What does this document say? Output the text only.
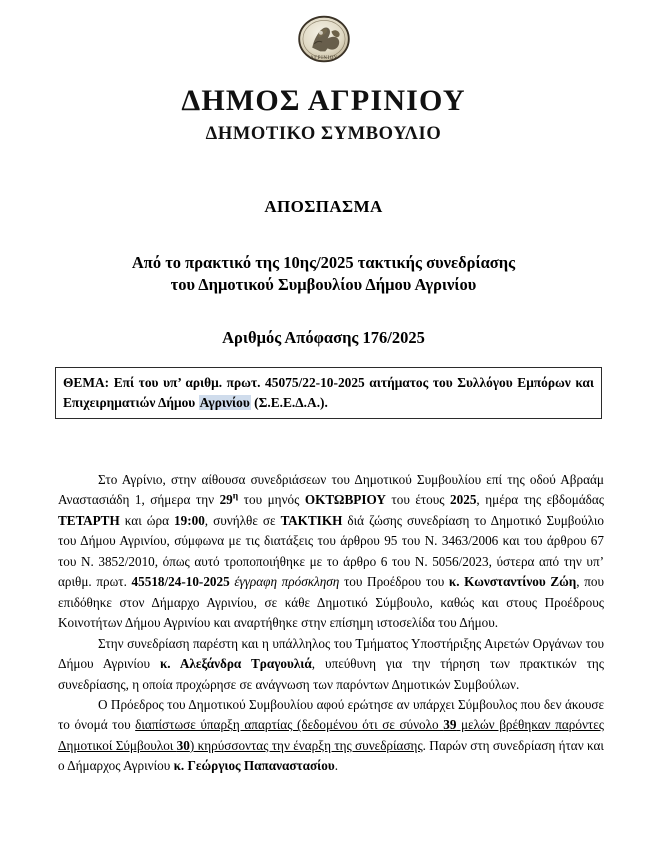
ΑΓΡΙΝΙΟΥ
ΔΗΜΟΣ ΑΓΡΙΝΙΟΥ
ΔΗΜΟΤΙΚΟ ΣΥΜΒΟΥΛΙΟ
ΑΠΟΣΠΑΣΜΑ
Από το πρακτικό της 10ης/2025 τακτικής συνεδρίασης
του Δημοτικού Συμβουλίου Δήμου Αγρινίου
Αριθμός Απόφασης 176/2025

ΘΕΜΑ: Επί του υπ’ αριθμ. πρωτ. 45075/22-10-2025 αιτήματος του Συλλόγου Εμπόρων και Επιχειρηματιών Δήμου Αγρινίου (Σ.Ε.Ε.Δ.Α.).

Στο Αγρίνιο, στην αίθουσα συνεδριάσεων του Δημοτικού Συμβουλίου επί της οδού Αβραάμ Αναστασιάδη 1, σήμερα την $29^\eta$ του μηνός ΟΚΤΩΒΡΙΟΥ του έτους 2025, ημέρα της εβδομάδας ΤΕΤΑΡΤΗ και ώρα 19:00, συνήλθε σε ΤΑΚΤΙΚΗ διά ζώσης συνεδρίαση το Δημοτικό Συμβούλιο του Δήμου Αγρινίου, σύμφωνα με τις διατάξεις του άρθρου 95 του Ν. 3463/2006 και του άρθρου 67 του Ν. 3852/2010, όπως αυτό τροποποιήθηκε με το άρθρο 6 του Ν. 5056/2023, ύστερα από την υπ’ αριθμ. πρωτ. 45518/24-10-2025 έγγραφη πρόσκληση του Προέδρου του κ. Κωνσταντίνου Ζώη, που επιδόθηκε στον Δήμαρχο Αγρινίου, σε κάθε Δημοτικό Σύμβουλο, καθώς και στους Προέδρους Κοινοτήτων Δήμου Αγρινίου και αναρτήθηκε στην επίσημη ιστοσελίδα του Δήμου.

Στην συνεδρίαση παρέστη και η υπάλληλος του Τμήματος Υποστήριξης Αιρετών Οργάνων του Δήμου Αγρινίου κ. Αλεξάνδρα Τραγουλιά, υπεύθυνη για την τήρηση των πρακτικών της συνεδρίασης, η οποία προχώρησε σε ανάγνωση των παρόντων Δημοτικών Συμβούλων.

Ο Πρόεδρος του Δημοτικού Συμβουλίου αφού ερώτησε αν υπάρχει Σύμβουλος που δεν άκουσε το όνομά του διαπίστωσε ύπαρξη απαρτίας (δεδομένου ότι σε σύνολο 39 μελών βρέθηκαν παρόντες Δημοτικοί Σύμβουλοι 30) κηρύσσοντας την έναρξη της συνεδρίασης. Παρών στη συνεδρίαση ήταν και ο Δήμαρχος Αγρινίου κ. Γεώργιος Παπαναστασίου.
